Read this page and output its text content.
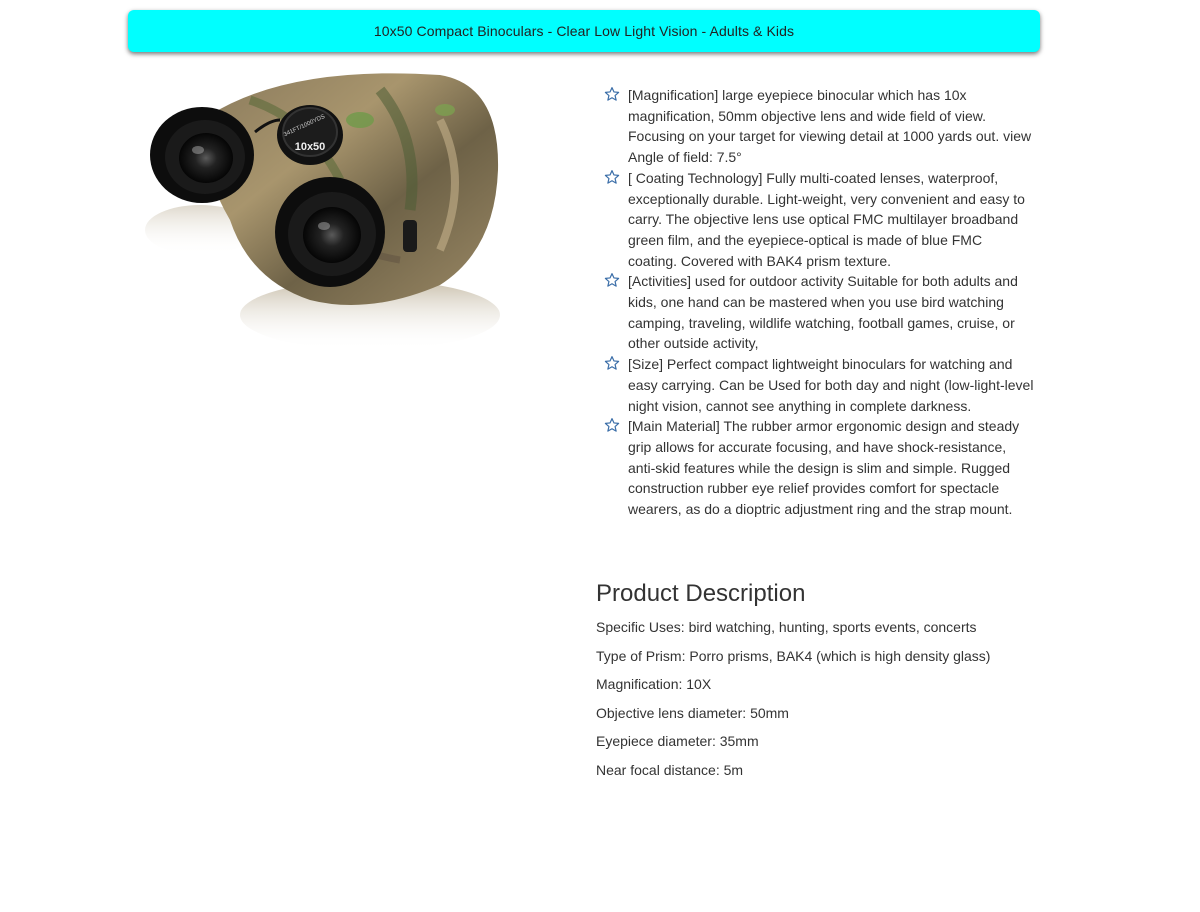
10x50 Compact Binoculars - Clear Low Light Vision - Adults & Kids
10x50
341FT/1000YDS
[Magnification] large eyepiece binocular which has 10x magnification, 50mm objective lens and wide field of view. Focusing on your target for viewing detail at 1000 yards out. view Angle of field: 7.5°
[ Coating Technology] Fully multi-coated lenses, waterproof, exceptionally durable. Light-weight, very convenient and easy to carry. The objective lens use optical FMC multilayer broadband green film, and the eyepiece-optical is made of blue FMC coating. Covered with BAK4 prism texture.
[Activities] used for outdoor activity Suitable for both adults and kids, one hand can be mastered when you use bird watching camping, traveling, wildlife watching, football games, cruise, or other outside activity,
[Size] Perfect compact lightweight binoculars for watching and easy carrying. Can be Used for both day and night (low-light-level night vision, cannot see anything in complete darkness.
[Main Material] The rubber armor ergonomic design and steady grip allows for accurate focusing, and have shock-resistance, anti-skid features while the design is slim and simple. Rugged construction rubber eye relief provides comfort for spectacle wearers, as do a dioptric adjustment ring and the strap mount.
Product Description
Specific Uses: bird watching, hunting, sports events, concerts
Type of Prism: Porro prisms, BAK4 (which is high density glass)
Magnification: 10X
Objective lens diameter: 50mm
Eyepiece diameter: 35mm
Near focal distance: 5m
